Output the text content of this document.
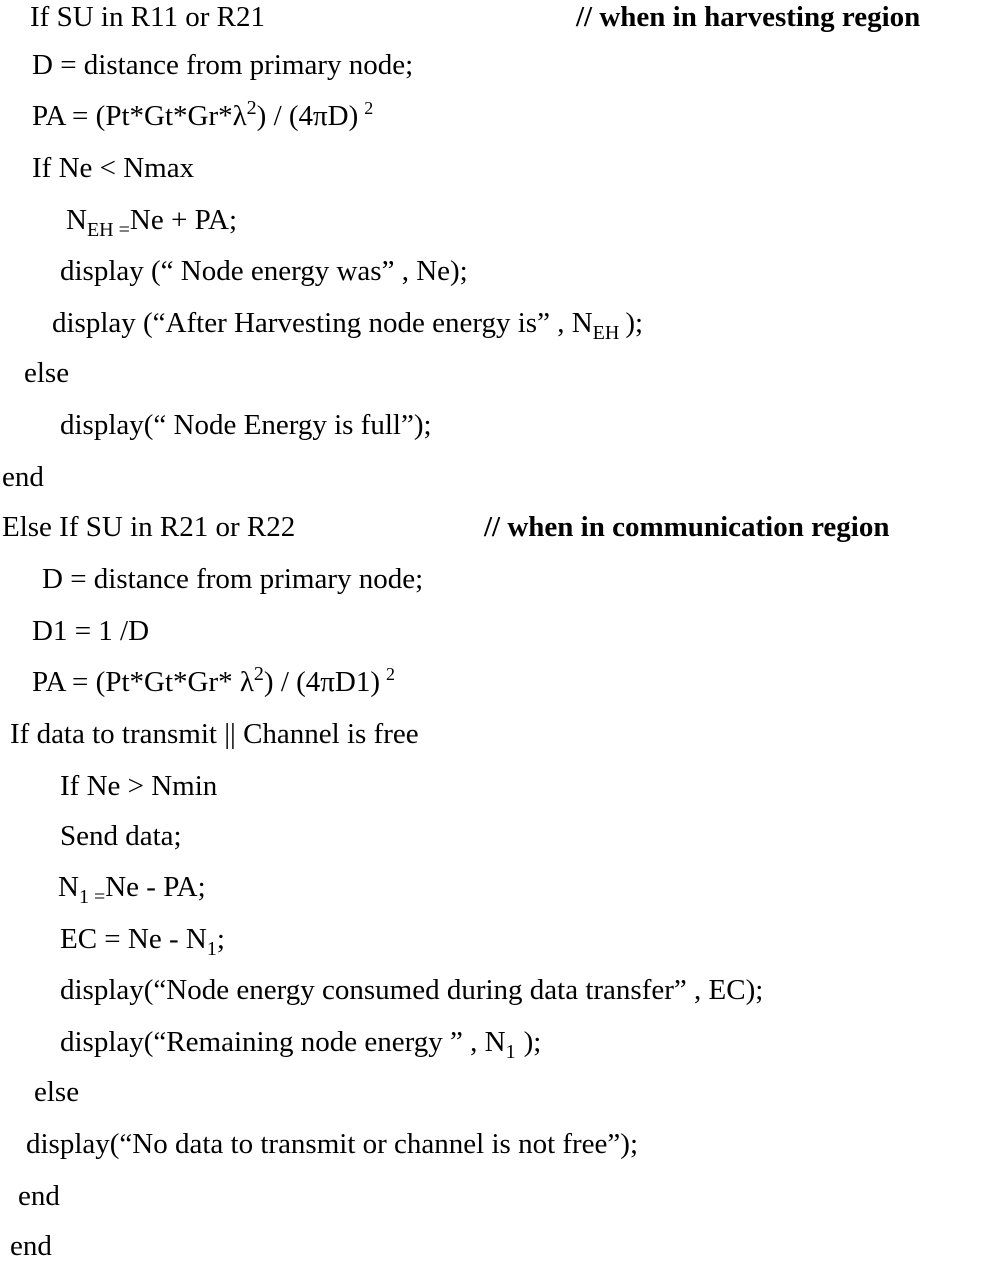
If SU in R11 or R21	// when in harvesting region
D = distance from primary node;
PA = $(Pt*Gt*Gr*\lambda^2) / (4\pi D)$ $^2$
If Ne < Nmax
$N_{EH =}Ne$ + PA;
display (“ Node energy was” , Ne);
display (“After Harvesting node energy is” , $N_{EH}$ );
else
display(“ Node Energy is full”);
end
Else If SU in R21 or R22	// when in communication region
D = distance from primary node;
D1 = 1 /D
PA = (Pt*Gt*Gr* $\lambda^2) / (4\pi D1)$ $^2$
If data to transmit || Channel is free
If Ne > Nmin
Send data;
$N_{1 =}Ne$ - PA;
EC = Ne - $N_1$;
display(“Node energy consumed during data transfer” , EC);
display(“Remaining node energy ” , $N_1$ );
else
display(“No data to transmit or channel is not free”);
end
end
